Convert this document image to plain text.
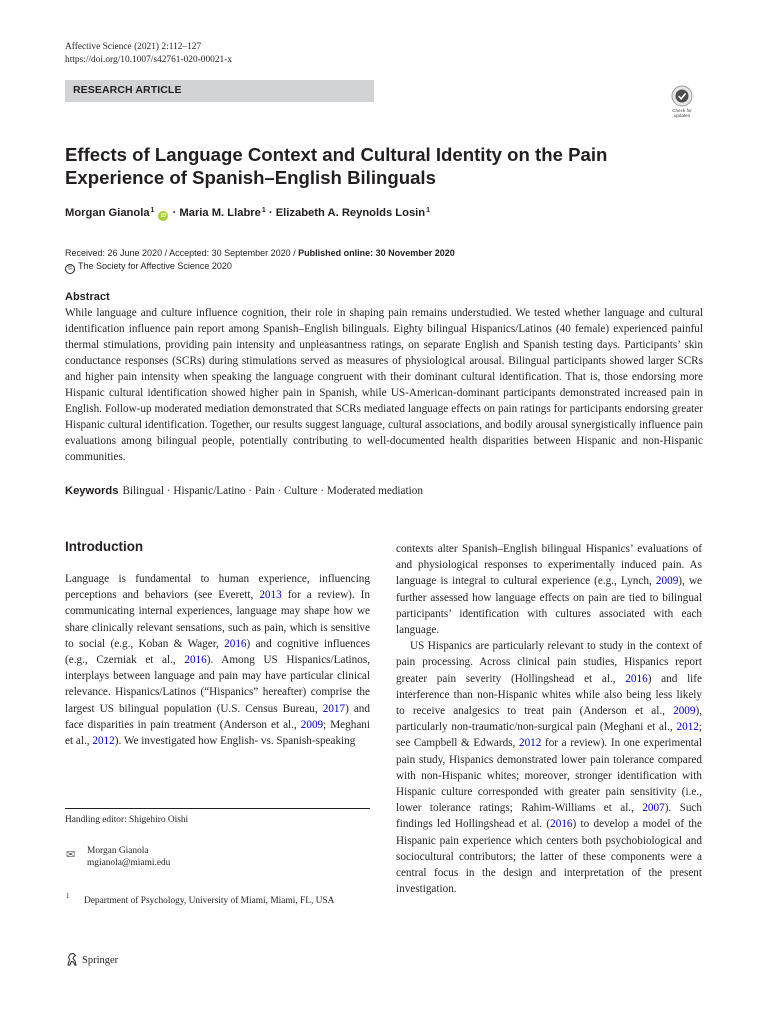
Affective Science (2021) 2:112–127
https://doi.org/10.1007/s42761-020-00021-x
RESEARCH ARTICLE
Check for
updates
Effects of Language Context and Cultural Identity on the Pain Experience of Spanish–English Bilinguals
Morgan Gianola$^1$iD · Maria M. Llabre$^1$ · Elizabeth A. Reynolds Losin$^1$
Received: 26 June 2020 / Accepted: 30 September 2020 / Published online: 30 November 2020
© The Society for Affective Science 2020
Abstract

While language and culture influence cognition, their role in shaping pain remains understudied. We tested whether language and cultural identification influence pain report among Spanish–English bilinguals. Eighty bilingual Hispanics/Latinos (40 female) experienced painful thermal stimulations, providing pain intensity and unpleasantness ratings, on separate English and Spanish testing days. Participants’ skin conductance responses (SCRs) during stimulations served as measures of physiological arousal. Bilingual participants showed larger SCRs and higher pain intensity when speaking the language congruent with their dominant cultural identification. That is, those endorsing more Hispanic cultural identification showed higher pain in Spanish, while US-American-dominant participants demonstrated increased pain in English. Follow-up moderated mediation demonstrated that SCRs mediated language effects on pain ratings for participants endorsing greater Hispanic cultural identification. Together, our results suggest language, cultural associations, and bodily arousal synergistically influence pain evaluations among bilingual people, potentially contributing to well-documented health disparities between Hispanic and non-Hispanic communities.

Keywords Bilingual · Hispanic/Latino · Pain · Culture · Moderated mediation
Introduction

Language is fundamental to human experience, influencing perceptions and behaviors (see Everett, 2013 for a review). In communicating internal experiences, language may shape how we share clinically relevant sensations, such as pain, which is sensitive to social (e.g., Koban & Wager, 2016) and cognitive influences (e.g., Czerniak et al., 2016). Among US Hispanics/Latinos, interplays between language and pain may have particular clinical relevance. Hispanics/Latinos (“Hispanics” hereafter) comprise the largest US bilingual population (U.S. Census Bureau, 2017) and face disparities in pain treatment (Anderson et al., 2009; Meghani et al., 2012). We investigated how English- vs. Spanish-speaking

contexts alter Spanish–English bilingual Hispanics’ evaluations of and physiological responses to experimentally induced pain. As language is integral to cultural experience (e.g., Lynch, 2009), we further assessed how language effects on pain are tied to bilingual participants’ identification with cultures associated with each language.

US Hispanics are particularly relevant to study in the context of pain processing. Across clinical pain studies, Hispanics report greater pain severity (Hollingshead et al., 2016) and life interference than non-Hispanic whites while also being less likely to receive analgesics to treat pain (Anderson et al., 2009), particularly non-traumatic/non-surgical pain (Meghani et al., 2012; see Campbell & Edwards, 2012 for a review). In one experimental pain study, Hispanics demonstrated lower pain tolerance compared with non-Hispanic whites; moreover, stronger identification with Hispanic culture corresponded with greater pain sensitivity (i.e., lower tolerance ratings; Rahim-Williams et al., 2007). Such findings led Hollingshead et al. (2016) to develop a model of the Hispanic pain experience which centers both psychobiological and sociocultural contributors; the latter of these components were a central focus in the design and interpretation of the present investigation.

Handling editor: Shigehiro Oishi
✉ Morgan Gianola
mgianola@miami.edu
1 Department of Psychology, University of Miami, Miami, FL, USA
Springer
